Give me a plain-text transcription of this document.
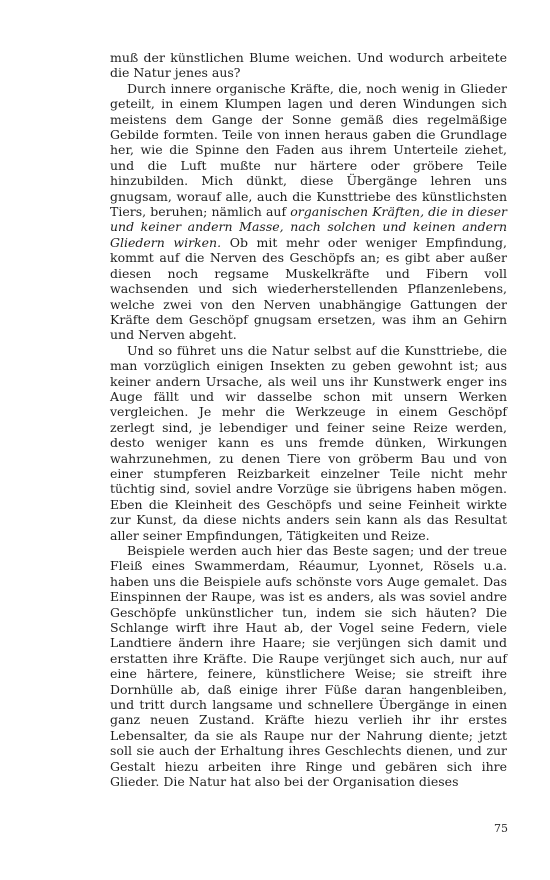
muß der künstlichen Blume weichen. Und wodurch arbeitete die Natur jenes aus?

Durch innere organische Kräfte, die, noch wenig in Glieder geteilt, in einem Klumpen lagen und deren Windungen sich meistens dem Gange der Sonne gemäß dies regelmäßige Gebilde formten. Teile von innen heraus gaben die Grundlage her, wie die Spinne den Faden aus ihrem Unterteile ziehet, und die Luft mußte nur härtere oder gröbere Teile hinzubilden. Mich dünkt, diese Übergänge lehren uns gnugsam, worauf alle, auch die Kunsttriebe des künstlichsten Tiers, beruhen; nämlich auf organischen Kräften, die in dieser und keiner andern Masse, nach solchen und keinen andern Gliedern wirken. Ob mit mehr oder weniger Empfindung, kommt auf die Nerven des Geschöpfs an; es gibt aber außer diesen noch regsame Muskelkräfte und Fibern voll wachsenden und sich wiederherstellenden Pflanzenlebens, welche zwei von den Nerven unabhängige Gattungen der Kräfte dem Geschöpf gnugsam ersetzen, was ihm an Gehirn und Nerven abgeht.

Und so führet uns die Natur selbst auf die Kunsttriebe, die man vorzüglich einigen Insekten zu geben gewohnt ist; aus keiner andern Ursache, als weil uns ihr Kunstwerk enger ins Auge fällt und wir dasselbe schon mit unsern Werken vergleichen. Je mehr die Werkzeuge in einem Geschöpf zerlegt sind, je lebendiger und feiner seine Reize werden, desto weniger kann es uns fremde dünken, Wirkungen wahrzunehmen, zu denen Tiere von gröberm Bau und von einer stumpferen Reizbarkeit einzelner Teile nicht mehr tüchtig sind, soviel andre Vorzüge sie übrigens haben mögen. Eben die Kleinheit des Geschöpfs und seine Feinheit wirkte zur Kunst, da diese nichts anders sein kann als das Resultat aller seiner Empfindungen, Tätigkeiten und Reize.

Beispiele werden auch hier das Beste sagen; und der treue Fleiß eines Swammerdam, Réaumur, Lyonnet, Rösels u.a. haben uns die Beispiele aufs schönste vors Auge gemalet. Das Einspinnen der Raupe, was ist es anders, als was soviel andre Geschöpfe unkünstlicher tun, indem sie sich häuten? Die Schlange wirft ihre Haut ab, der Vogel seine Federn, viele Landtiere ändern ihre Haare; sie verjüngen sich damit und erstatten ihre Kräfte. Die Raupe verjünget sich auch, nur auf eine härtere, feinere, künstlichere Weise; sie streift ihre Dornhülle ab, daß einige ihrer Füße daran hangenbleiben, und tritt durch langsame und schnellere Übergänge in einen ganz neuen Zustand. Kräfte hiezu verlieh ihr ihr erstes Lebensalter, da sie als Raupe nur der Nahrung diente; jetzt soll sie auch der Erhaltung ihres Geschlechts dienen, und zur Gestalt hiezu arbeiten ihre Ringe und gebären sich ihre Glieder. Die Natur hat also bei der Organisation dieses

75
